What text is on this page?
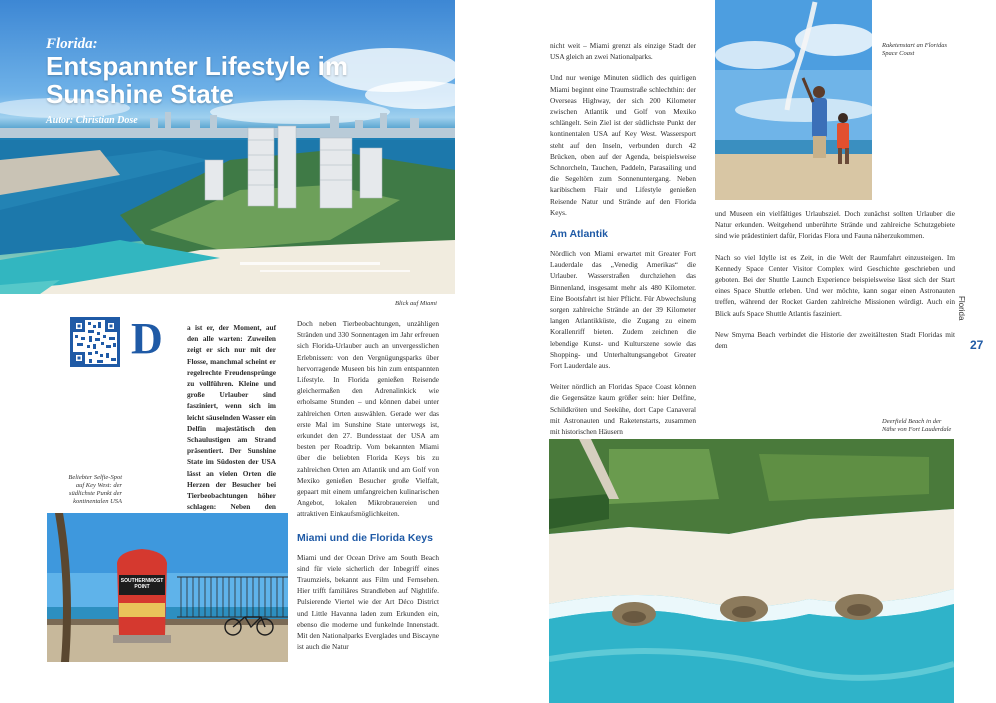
Florida:
Entspannter Lifestyle im
Sunshine State
Autor: Christian Dose
Blick auf Miami
D	a ist er, der Moment, auf den alle warten: Zuweilen zeigt er sich nur mit der Flosse, manchmal scheint er regelrechte Freudensprünge zu vollführen. Kleine und große Urlauber sind fasziniert, wenn sich im leicht säuselnden Wasser ein Delfin majestätisch den Schaulustigen am Strand präsentiert. Der Sunshine State im Südosten der USA lässt an vielen Orten die Herzen der Besucher bei Tierbeobachtungen höher schlagen: Neben den

Beliebter Selfie-Spot
auf Key West: der
südlichste Punkt der
kontinentalen USA
SOUTHERNMOST
POINT

Doch neben Tierbeobachtungen, unzähligen Stränden und 330 Sonnentagen im Jahr erfreuen sich Florida-Urlauber auch an unvergesslichen Erlebnissen: von den Vergnügungsparks über hervorragende Museen bis hin zum entspannten Lifestyle. In Florida genießen Reisende gleichermaßen den Adrenalinkick wie erholsame Stunden – und können dabei unter zahlreichen Orten auswählen. Gerade wer das erste Mal im Sunshine State unterwegs ist, erkundet den 27. Bundesstaat der USA am besten per Roadtrip. Vom bekannten Miami über die beliebten Florida Keys bis zu zahlreichen Orten am Atlantik und am Golf von Mexiko genießen Besucher große Vielfalt, gepaart mit einem umfangreichen kulinarischen Angebot, lokalen Mikrobrauereien und attraktiven Einkaufsmöglichkeiten.

Miami und die Florida Keys

Miami und der Ocean Drive am South Beach sind für viele sicherlich der Inbegriff eines Traumziels, bekannt aus Film und Fernsehen. Hier trifft familiäres Strandleben auf Nightlife. Pulsierende Viertel wie der Art Déco District und Little Havanna laden zum Erkunden ein, ebenso die moderne und funkelnde Innenstadt. Mit den Nationalparks Everglades und Biscayne ist auch die Natur

nicht weit – Miami grenzt als einzige Stadt der USA gleich an zwei Nationalparks.

Und nur wenige Minuten südlich des quirligen Miami beginnt eine Traumstraße schlechthin: der Overseas Highway, der sich 200 Kilometer zwischen Atlantik und Golf von Mexiko schlängelt. Sein Ziel ist der südlichste Punkt der kontinentalen USA auf Key West. Wassersport steht auf den Inseln, verbunden durch 42 Brücken, oben auf der Agenda, beispielsweise Schnorcheln, Tauchen, Paddeln, Parasailing und die Segeltörn zum Sonnenuntergang. Neben karibischem Flair und Lifestyle genießen Reisende Natur und Strände auf den Florida Keys.

Am Atlantik

Nördlich von Miami erwartet mit Greater Fort Lauderdale das „Venedig Amerikas“ die Urlauber. Wasserstraßen durchziehen das Binnenland, insgesamt mehr als 480 Kilometer. Eine Bootsfahrt ist hier Pflicht. Für Abwechslung sorgen zahlreiche Strände an der 39 Kilometer langen Atlantikküste, die Zugang zu einem Korallenriff bieten. Zudem zeichnen die lebendige Kunst- und Kulturszene sowie das Shopping- und Unterhaltungsangebot Greater Fort Lauderdale aus.

Weiter nördlich an Floridas Space Coast können die Gegensätze kaum größer sein: hier Delfine, Schildkröten und Seekühe, dort Cape Canaveral mit Astronauten und Raketenstarts, zusammen mit historischen Häusern

Raketenstart an Floridas
Space Coast

und Museen ein vielfältiges Urlaubsziel. Doch zunächst sollten Urlauber die Natur erkunden. Weitgehend unberührte Strände und zahlreiche Schutzgebiete sind wie prädestiniert dafür, Floridas Flora und Fauna näherzukommen.

Nach so viel Idylle ist es Zeit, in die Welt der Raumfahrt einzusteigen. Im Kennedy Space Center Visitor Complex wird Geschichte geschrieben und geboten. Bei der Shuttle Launch Experience beispielsweise lässt sich der Start eines Space Shuttle erleben. Und wer möchte, kann sogar einen Astronauten treffen, während der Rocket Garden zahlreiche Missionen würdigt. Auch ein Blick aufs Space Shuttle Atlantis fasziniert.

New Smyrna Beach verbindet die Historie der zweitältesten Stadt Floridas mit dem

Deerfield Beach in der
Nähe von Fort Lauderdale
Florida
27
